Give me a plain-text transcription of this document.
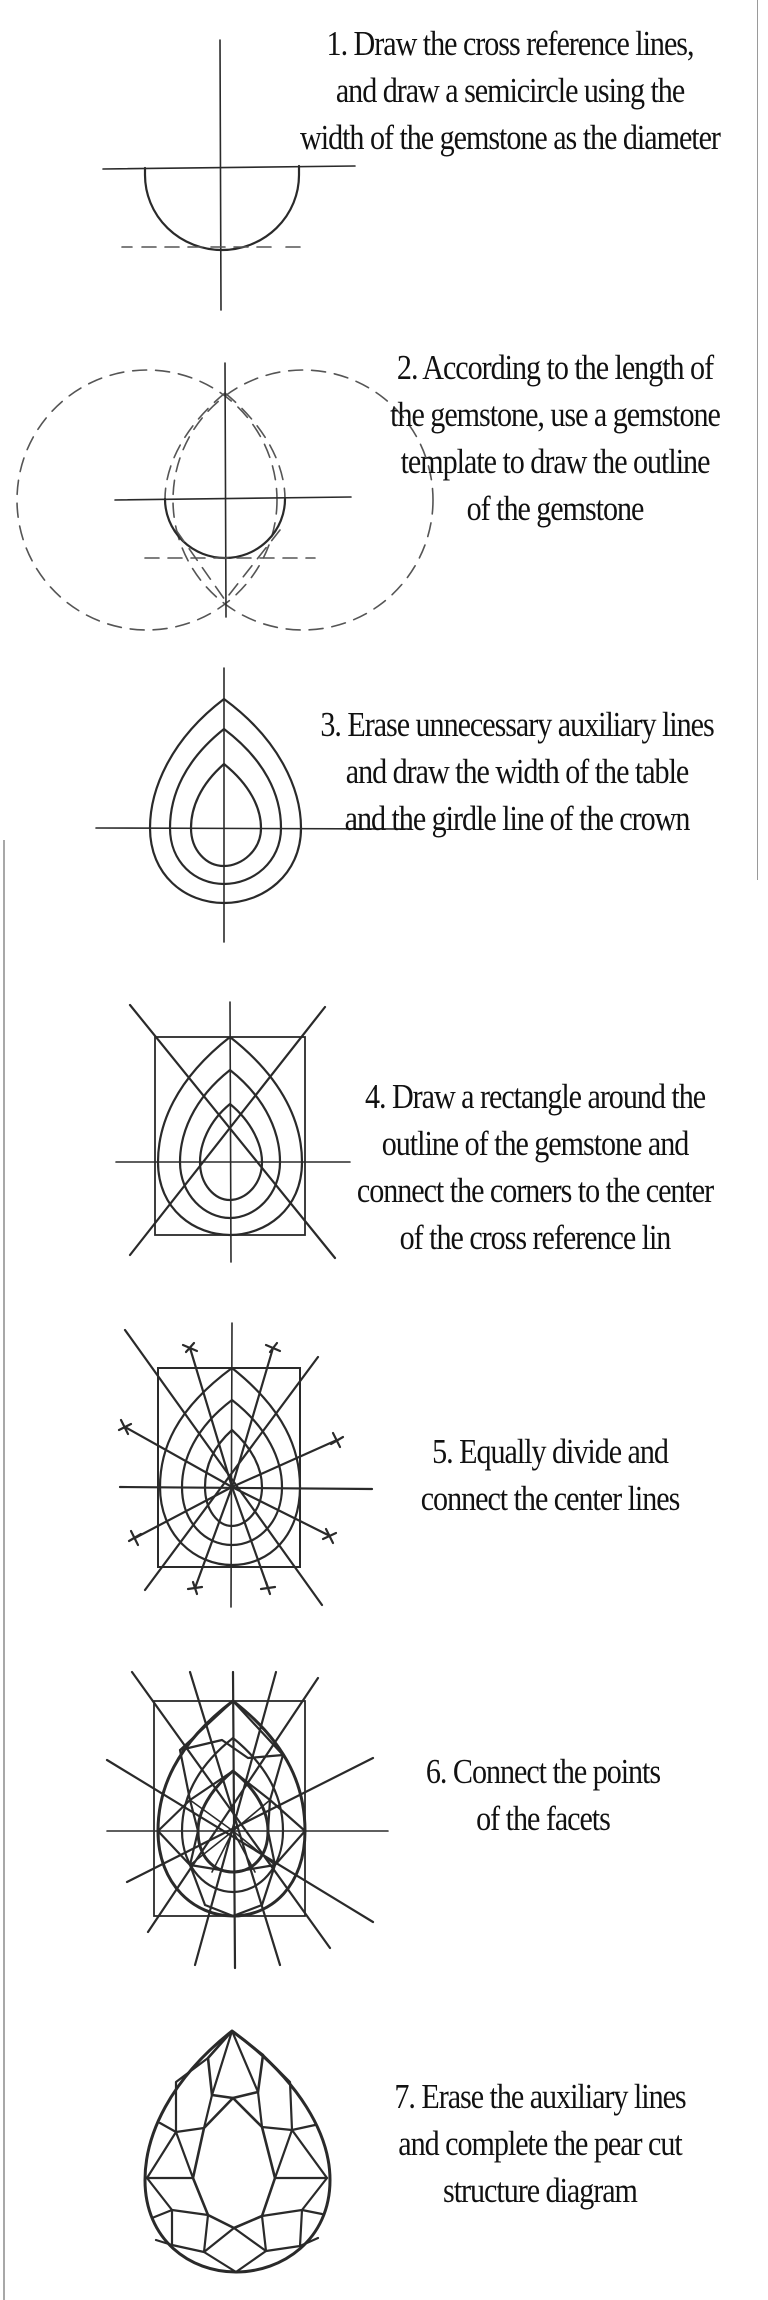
1. Draw the cross reference lines,
and draw a semicircle using the
width of the gemstone as the diameter
2. According to the length of
the gemstone, use a gemstone
template to draw the outline
of the gemstone
3. Erase unnecessary auxiliary lines
and draw the width of the table
and the girdle line of the crown
4. Draw a rectangle around the
outline of the gemstone and
connect the corners to the center
of the cross reference lin
5. Equally divide and
connect the center lines
6. Connect the points
of the facets
7. Erase the auxiliary lines
and complete the pear cut
structure diagram
